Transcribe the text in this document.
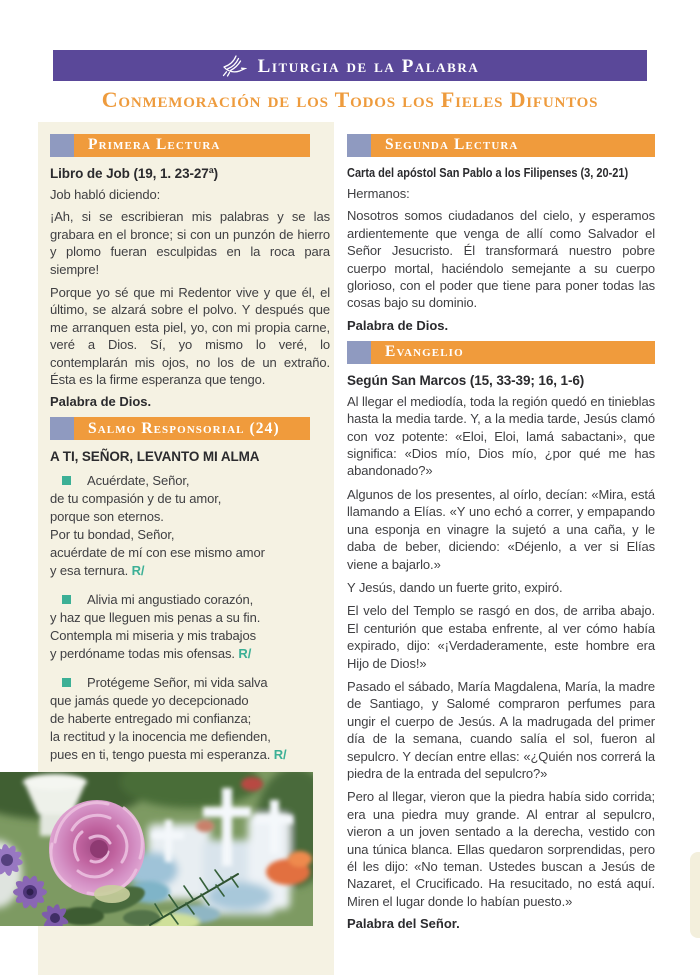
Liturgia de la Palabra
Conmemoración de los Todos los Fieles Difuntos
Primera Lectura
Libro de Job (19, 1. 23-27ª)
Job habló diciendo:

¡Ah, si se escribieran mis palabras y se las grabara en el bronce; si con un punzón de hierro y plomo fueran esculpidas en la roca para siempre!

Porque yo sé que mi Redentor vive y que él, el último, se alzará sobre el polvo. Y después que me arranquen esta piel, yo, con mi propia carne, veré a Dios. Sí, yo mismo lo veré, lo contemplarán mis ojos, no los de un extraño. Ésta es la firme esperanza que tengo.

Palabra de Dios.
Salmo Responsorial (24)
A TI, SEÑOR, LEVANTO MI ALMA
Acuérdate, Señor,
de tu compasión y de tu amor,
porque son eternos.
Por tu bondad, Señor,
acuérdate de mí con ese mismo amor
y esa ternura. R/
Alivia mi angustiado corazón,
y haz que lleguen mis penas a su fin.
Contempla mi miseria y mis trabajos
y perdóname todas mis ofensas. R/
Protégeme Señor, mi vida salva
que jamás quede yo decepcionado
de haberte entregado mi confianza;
la rectitud y la inocencia me defienden,
pues en ti, tengo puesta mi esperanza. R/
Segunda Lectura
Carta del apóstol San Pablo a los Filipenses (3, 20-21)
Hermanos:

Nosotros somos ciudadanos del cielo, y esperamos ardientemente que venga de allí como Salvador el Señor Jesucristo. Él transformará nuestro pobre cuerpo mortal, haciéndolo semejante a su cuerpo glorioso, con el poder que tiene para poner todas las cosas bajo su dominio.

Palabra de Dios.
Evangelio
Según San Marcos (15, 33-39; 16, 1-6)

Al llegar el mediodía, toda la región quedó en tinieblas hasta la media tarde. Y, a la media tarde, Jesús clamó con voz potente: «Eloi, Eloi, lamá sabactani», que significa: «Dios mío, Dios mío, ¿por qué me has abandonado?»

Algunos de los presentes, al oírlo, decían: «Mira, está llamando a Elías. «Y uno echó a correr, y empapando una esponja en vinagre la sujetó a una caña, y le daba de beber, diciendo: «Déjenlo, a ver si Elías viene a bajarlo.»

Y Jesús, dando un fuerte grito, expiró.

El velo del Templo se rasgó en dos, de arriba abajo. El centurión que estaba enfrente, al ver cómo había expirado, dijo: «¡Verdaderamente, este hombre era Hijo de Dios!»

Pasado el sábado, María Magdalena, María, la madre de Santiago, y Salomé compraron perfumes para ungir el cuerpo de Jesús. A la madrugada del primer día de la semana, cuando salía el sol, fueron al sepulcro. Y decían entre ellas: «¿Quién nos correrá la piedra de la entrada del sepulcro?»

Pero al llegar, vieron que la piedra había sido corrida; era una piedra muy grande. Al entrar al sepulcro, vieron a un joven sentado a la derecha, vestido con una túnica blanca. Ellas quedaron sorprendidas, pero él les dijo: «No teman. Ustedes buscan a Jesús de Nazaret, el Crucificado. Ha resucitado, no está aquí. Miren el lugar donde lo habían puesto.»

Palabra del Señor.
